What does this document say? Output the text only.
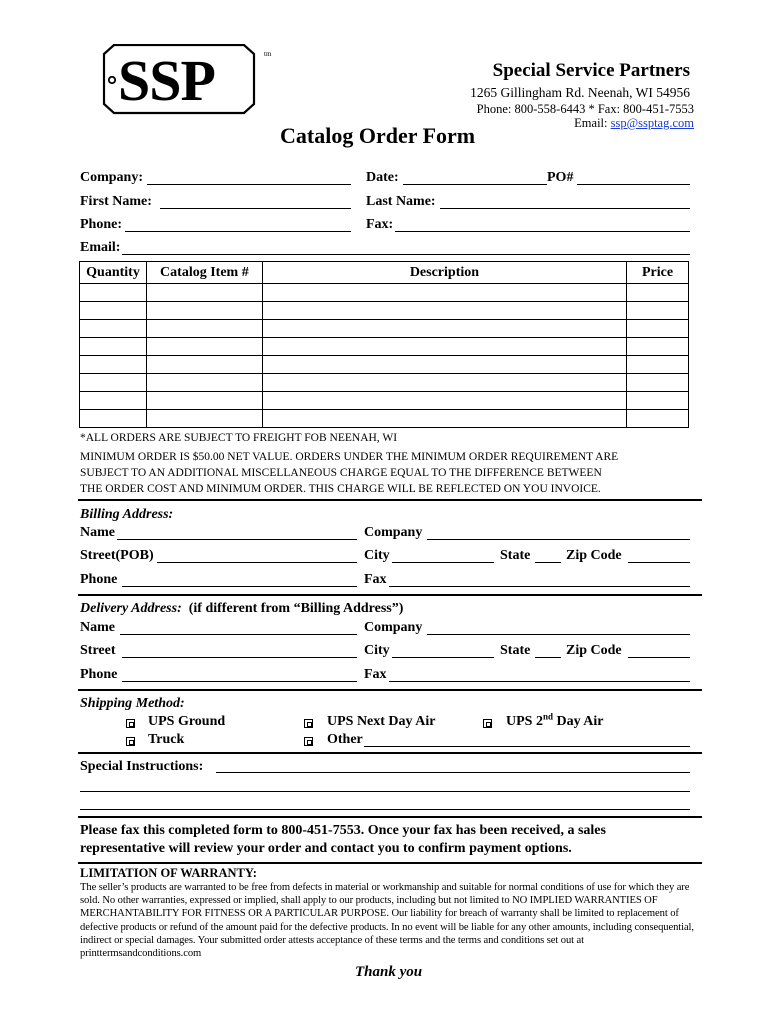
SSP	tm
Special Service Partners
1265 Gillingham Rd. Neenah, WI 54956
Phone: 800-558-6443 * Fax: 800-451-7553
Email: ssp@ssptag.com
Catalog Order Form
Company:	Date:	PO#
First Name:	Last Name:
Phone:	Fax:
Email:
Quantity	Catalog Item #	Description	Price

*ALL ORDERS ARE SUBJECT TO FREIGHT FOB NEENAH, WI
MINIMUM ORDER IS $50.00 NET VALUE. ORDERS UNDER THE MINIMUM ORDER REQUIREMENT ARE
SUBJECT TO AN ADDITIONAL MISCELLANEOUS CHARGE EQUAL TO THE DIFFERENCE BETWEEN
THE ORDER COST AND MINIMUM ORDER. THIS CHARGE WILL BE REFLECTED ON YOU INVOICE.
Billing Address:
Name	Company
Street(POB)	City	State	Zip Code
Phone	Fax
Delivery Address: (if different from “Billing Address”)
Name	Company
Street	City	State	Zip Code
Phone	Fax
Shipping Method:
UPS Ground
Truck
UPS Next Day Air
Other
UPS 2nd Day Air
Special Instructions:
Please fax this completed form to 800-451-7553. Once your fax has been received, a sales representative will review your order and contact you to confirm payment options.
LIMITATION OF WARRANTY:
The seller’s products are warranted to be free from defects in material or workmanship and suitable for normal conditions of use for which they are sold. No other warranties, expressed or implied, shall apply to our products, including but not limited to NO IMPLIED WARRANTIES OF MERCHANTABILITY FOR FITNESS OR A PARTICULAR PURPOSE. Our liability for breach of warranty shall be limited to replacement of defective products or refund of the amount paid for the defective products. In no event will be liable for any other amounts, including consequential, indirect or special damages. Your submitted order attests acceptance of these terms and the terms and conditions set out at printtermsandconditions.com
Thank you
